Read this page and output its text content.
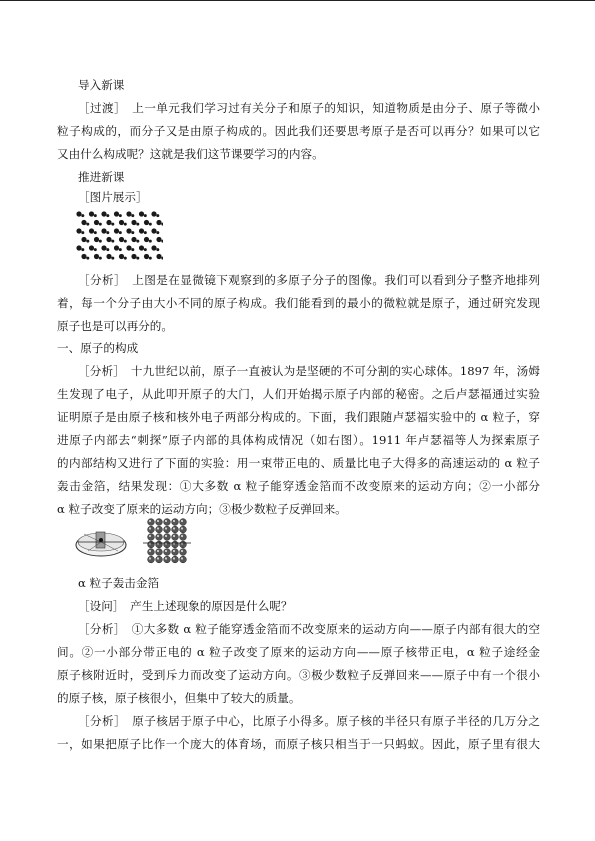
导入新课
［过渡］　上一单元我们学习过有关分子和原子的知识，知道物质是由分子、原子等微小
粒子构成的，而分子又是由原子构成的。因此我们还要思考原子是否可以再分？如果可以它
又由什么构成呢？这就是我们这节课要学习的内容。
推进新课
［图片展示］
［分析］　上图是在显微镜下观察到的多原子分子的图像。我们可以看到分子整齐地排列
着，每一个分子由大小不同的原子构成。我们能看到的最小的微粒就是原子，通过研究发现
原子也是可以再分的。
一、原子的构成
［分析］　十九世纪以前，原子一直被认为是坚硬的不可分割的实心球体。1897 年，汤姆
生发现了电子，从此叩开原子的大门，人们开始揭示原子内部的秘密。之后卢瑟福通过实验
证明原子是由原子核和核外电子两部分构成的。下面，我们跟随卢瑟福实验中的 α 粒子，穿
进原子内部去“刺探”原子内部的具体构成情况（如右图）。1911 年卢瑟福等人为探索原子
的内部结构又进行了下面的实验：用一束带正电的、质量比电子大得多的高速运动的 α 粒子
轰击金箔，结果发现：①大多数 α 粒子能穿透金箔而不改变原来的运动方向；②一小部分
α 粒子改变了原来的运动方向；③极少数粒子反弹回来。
α 粒子轰击金箔
［设问］　产生上述现象的原因是什么呢？
［分析］　①大多数 α 粒子能穿透金箔而不改变原来的运动方向——原子内部有很大的空
间。②一小部分带正电的 α 粒子改变了原来的运动方向——原子核带正电，α 粒子途经金
原子核附近时，受到斥力而改变了运动方向。③极少数粒子反弹回来——原子中有一个很小
的原子核，原子核很小，但集中了较大的质量。
［分析］　原子核居于原子中心，比原子小得多。原子核的半径只有原子半径的几万分之
一，如果把原子比作一个庞大的体育场，而原子核只相当于一只蚂蚁。因此，原子里有很大
